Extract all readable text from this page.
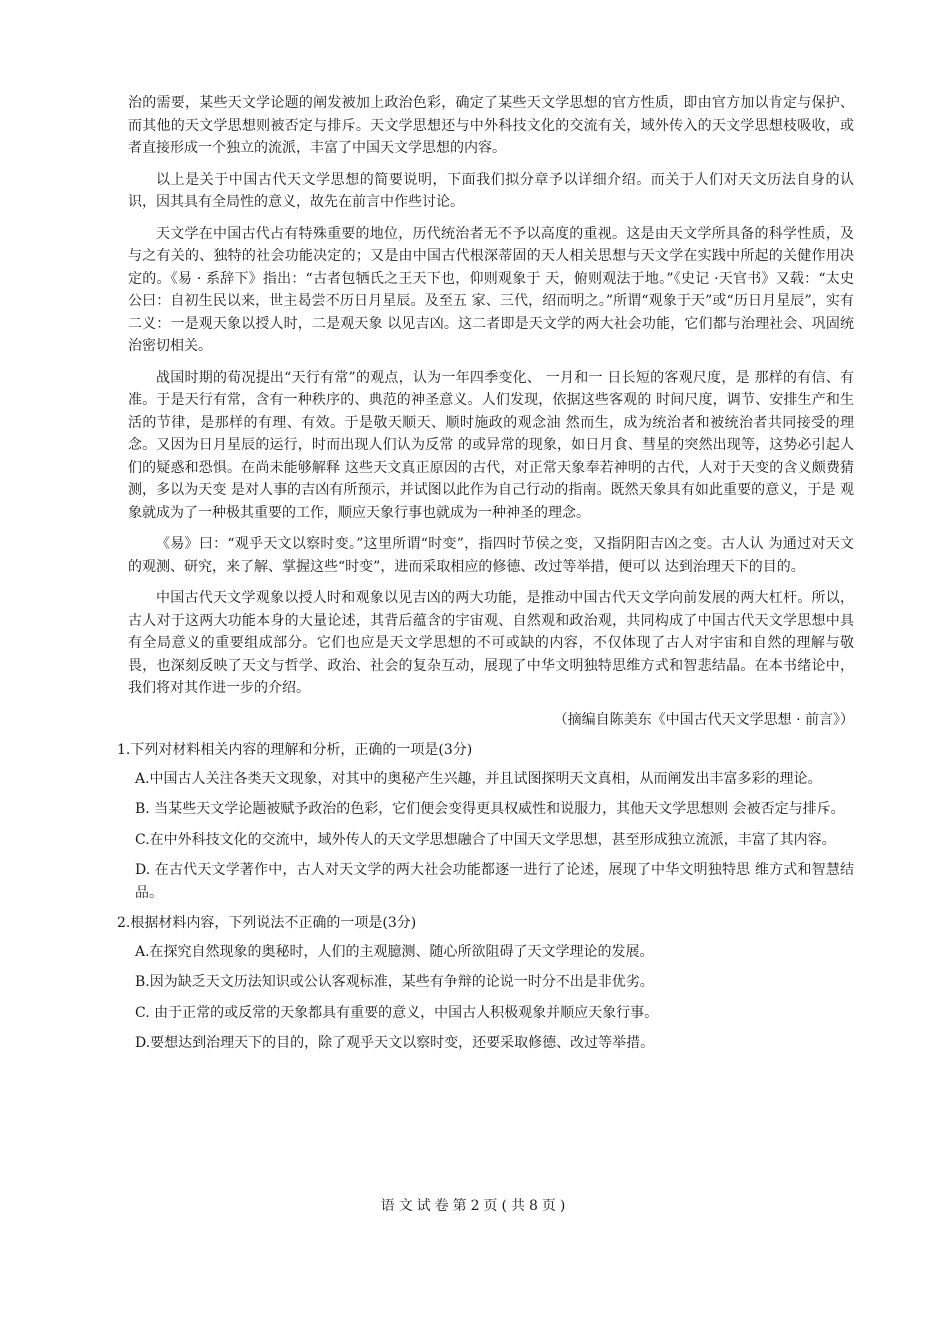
治的需要，某些天文学论题的阐发被加上政治色彩，确定了某些天文学思想的官方性质，即由官方加以肯定与保护、而其他的天文学思想则被否定与排斥。天文学思想还与中外科技文化的交流有关，域外传入的天文学思想枝吸收，或者直接形成一个独立的流派，丰富了中国天文学思想的内容。

以上是关于中国古代天文学思想的简要说明，下面我们拟分章予以详细介绍。而关于人们对天文历法自身的认识，因其具有全局性的意义，故先在前言中作些讨论。

天文学在中国古代占有特殊重要的地位，历代统治者无不予以高度的重视。这是由天文学所具备的科学性质，及与之有关的、独特的社会功能决定的；又是由中国古代根深蒂固的天人相关思想与天文学在实践中所起的关健作用决定的。《易 · 系辞下》指出：“古者包牺氏之王天下也，仰则观象于 天，俯则观法于地。”《史记 ·天官书》又载：“太史公曰：自初生民以来，世主曷尝不历日月星辰。及至五 家、三代，绍而明之。”所谓“观象于天”或“历日月星辰”，实有二义：一是观天象以授人时，二是观天象 以见吉凶。这二者即是天文学的两大社会功能，它们都与治理社会、巩固统治密切相关。

战国时期的荀况提出“天行有常”的观点，认为一年四季变化、 一月和一 日长短的客观尺度，是 那样的有信、有准。于是天行有常，含有一种秩序的、典范的神圣意义。人们发现，依据这些客观的 时间尺度，调节、安排生产和生活的节律，是那样的有理、有效。于是敬天顺天、顺时施政的观念油 然而生，成为统治者和被统治者共同接受的理念。又因为日月星辰的运行，时而出现人们认为反常 的或异常的现象，如日月食、彗星的突然出现等，这势必引起人们的疑惑和恐惧。在尚未能够解释 这些天文真正原因的古代，对正常天象奉若神明的古代，人对于天变的含义颇费猜测，多以为天变 是对人事的吉凶有所预示，并试图以此作为自己行动的指南。既然天象具有如此重要的意义，于是 观象就成为了一种极其重要的工作，顺应天象行事也就成为一种神圣的理念。

《易》曰：“观乎天文以察时变。”这里所谓“时变”，指四时节侯之变，又指阴阳吉凶之变。古人认 为通过对天文的观测、研究，来了解、掌握这些“时变”，进而采取相应的修德、改过等举措，便可以 达到治理天下的目的。

中国古代天文学观象以授人时和观象以见吉凶的两大功能，是推动中国古代天文学向前发展的两大杠杆。所以，古人对于这两大功能本身的大量论述，其背后蕴含的宇宙观、自然观和政治观，共同构成了中国古代天文学思想中具有全局意义的重要组成部分。它们也应是天文学思想的不可或缺的内容，不仅体现了古人对宇宙和自然的理解与敬畏，也深刻反映了天文与哲学、政治、社会的复杂互动，展现了中华文明独特思维方式和智悲结晶。在本书绪论中，我们将对其作进一步的介绍。

（摘编自陈美东《中国古代天文学思想 · 前言》）

1.下列对材料相关内容的理解和分析，正确的一项是(3分)

A.中国古人关注各类天文现象，对其中的奥秘产生兴趣，并且试图探明天文真相，从而阐发出丰富多彩的理论。

B. 当某些天文学论题被赋予政治的色彩，它们便会变得更具权威性和说服力，其他天文学思想则 会被否定与排斥。

C.在中外科技文化的交流中，域外传人的天文学思想融合了中国天文学思想，甚至形成独立流派，丰富了其内容。

D. 在古代天文学著作中，古人对天文学的两大社会功能都逐一进行了论述，展现了中华文明独特思 维方式和智慧结品。

2.根据材料内容，下列说法不正确的一项是(3分)

A.在探究自然现象的奥秘时，人们的主观臆测、随心所欲阻碍了天文学理论的发展。

B.因为缺乏天文历法知识或公认客观标准，某些有争辩的论说一时分不出是非优劣。

C. 由于正常的或反常的天象都具有重要的意义，中国古人积极观象并顺应天象行事。

D.要想达到治理天下的目的，除了观乎天文以察时变，还要采取修德、改过等举措。

语文试卷第2页(共8页)
